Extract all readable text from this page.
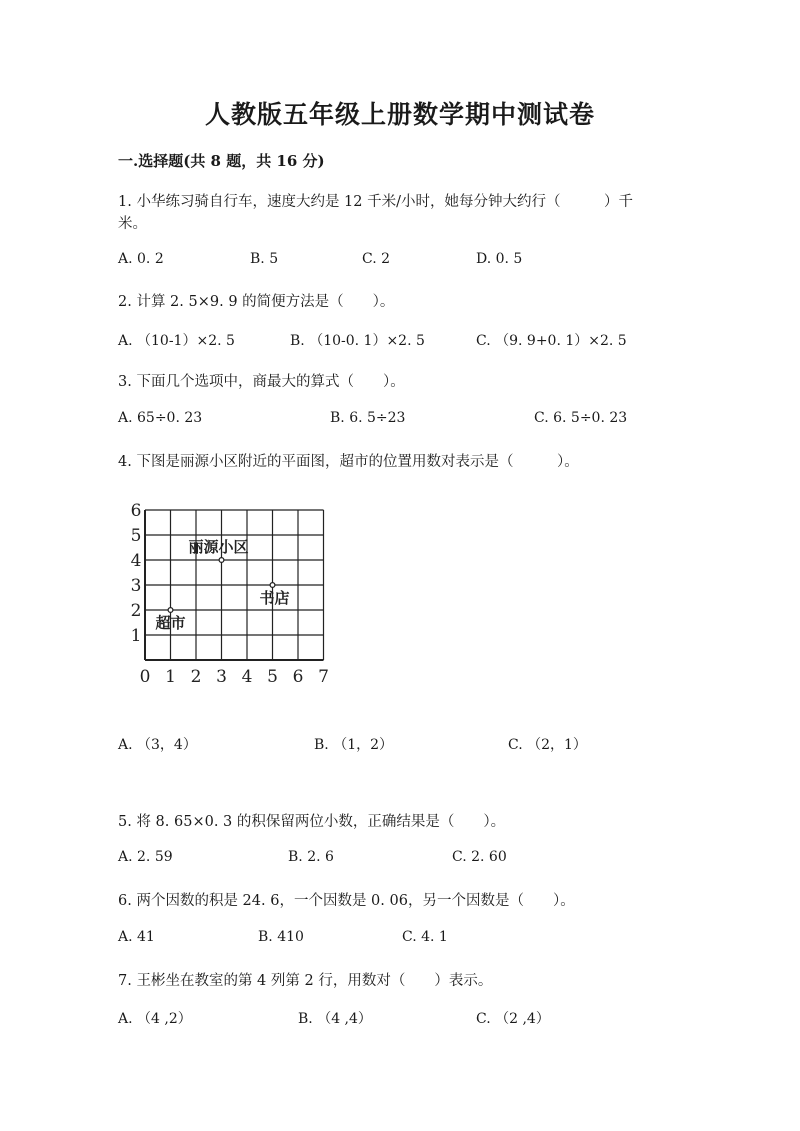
人教版五年级上册数学期中测试卷
一.选择题(共 8 题，共 16 分)
1. 小华练习骑自行车，速度大约是 12 千米/小时，她每分钟大约行（　　　）千
米。
A. 0. 2	B. 5	C. 2	D. 0. 5
2. 计算 2. 5×9. 9 的简便方法是（　　）。
A. （10-1）×2. 5	B. （10-0. 1）×2. 5	C. （9. 9+0. 1）×2. 5
3. 下面几个选项中，商最大的算式（　　）。
A. 65÷0. 23	B. 6. 5÷23	C. 6. 5÷0. 23
4. 下图是丽源小区附近的平面图，超市的位置用数对表示是（　　　）。
0 1 2 3 4 5 6 7
1
2
3
4
5
6
丽源小区
书店
超市
A. （3，4）	B. （1，2）	C. （2，1）
5. 将 8. 65×0. 3 的积保留两位小数，正确结果是（　　）。
A. 2. 59	B. 2. 6	C. 2. 60
6. 两个因数的积是 24. 6，一个因数是 0. 06，另一个因数是（　　）。
A. 41	B. 410	C. 4. 1
7. 王彬坐在教室的第 4 列第 2 行，用数对（　　）表示。
A. （4 ,2）	B. （4 ,4）	C. （2 ,4）
